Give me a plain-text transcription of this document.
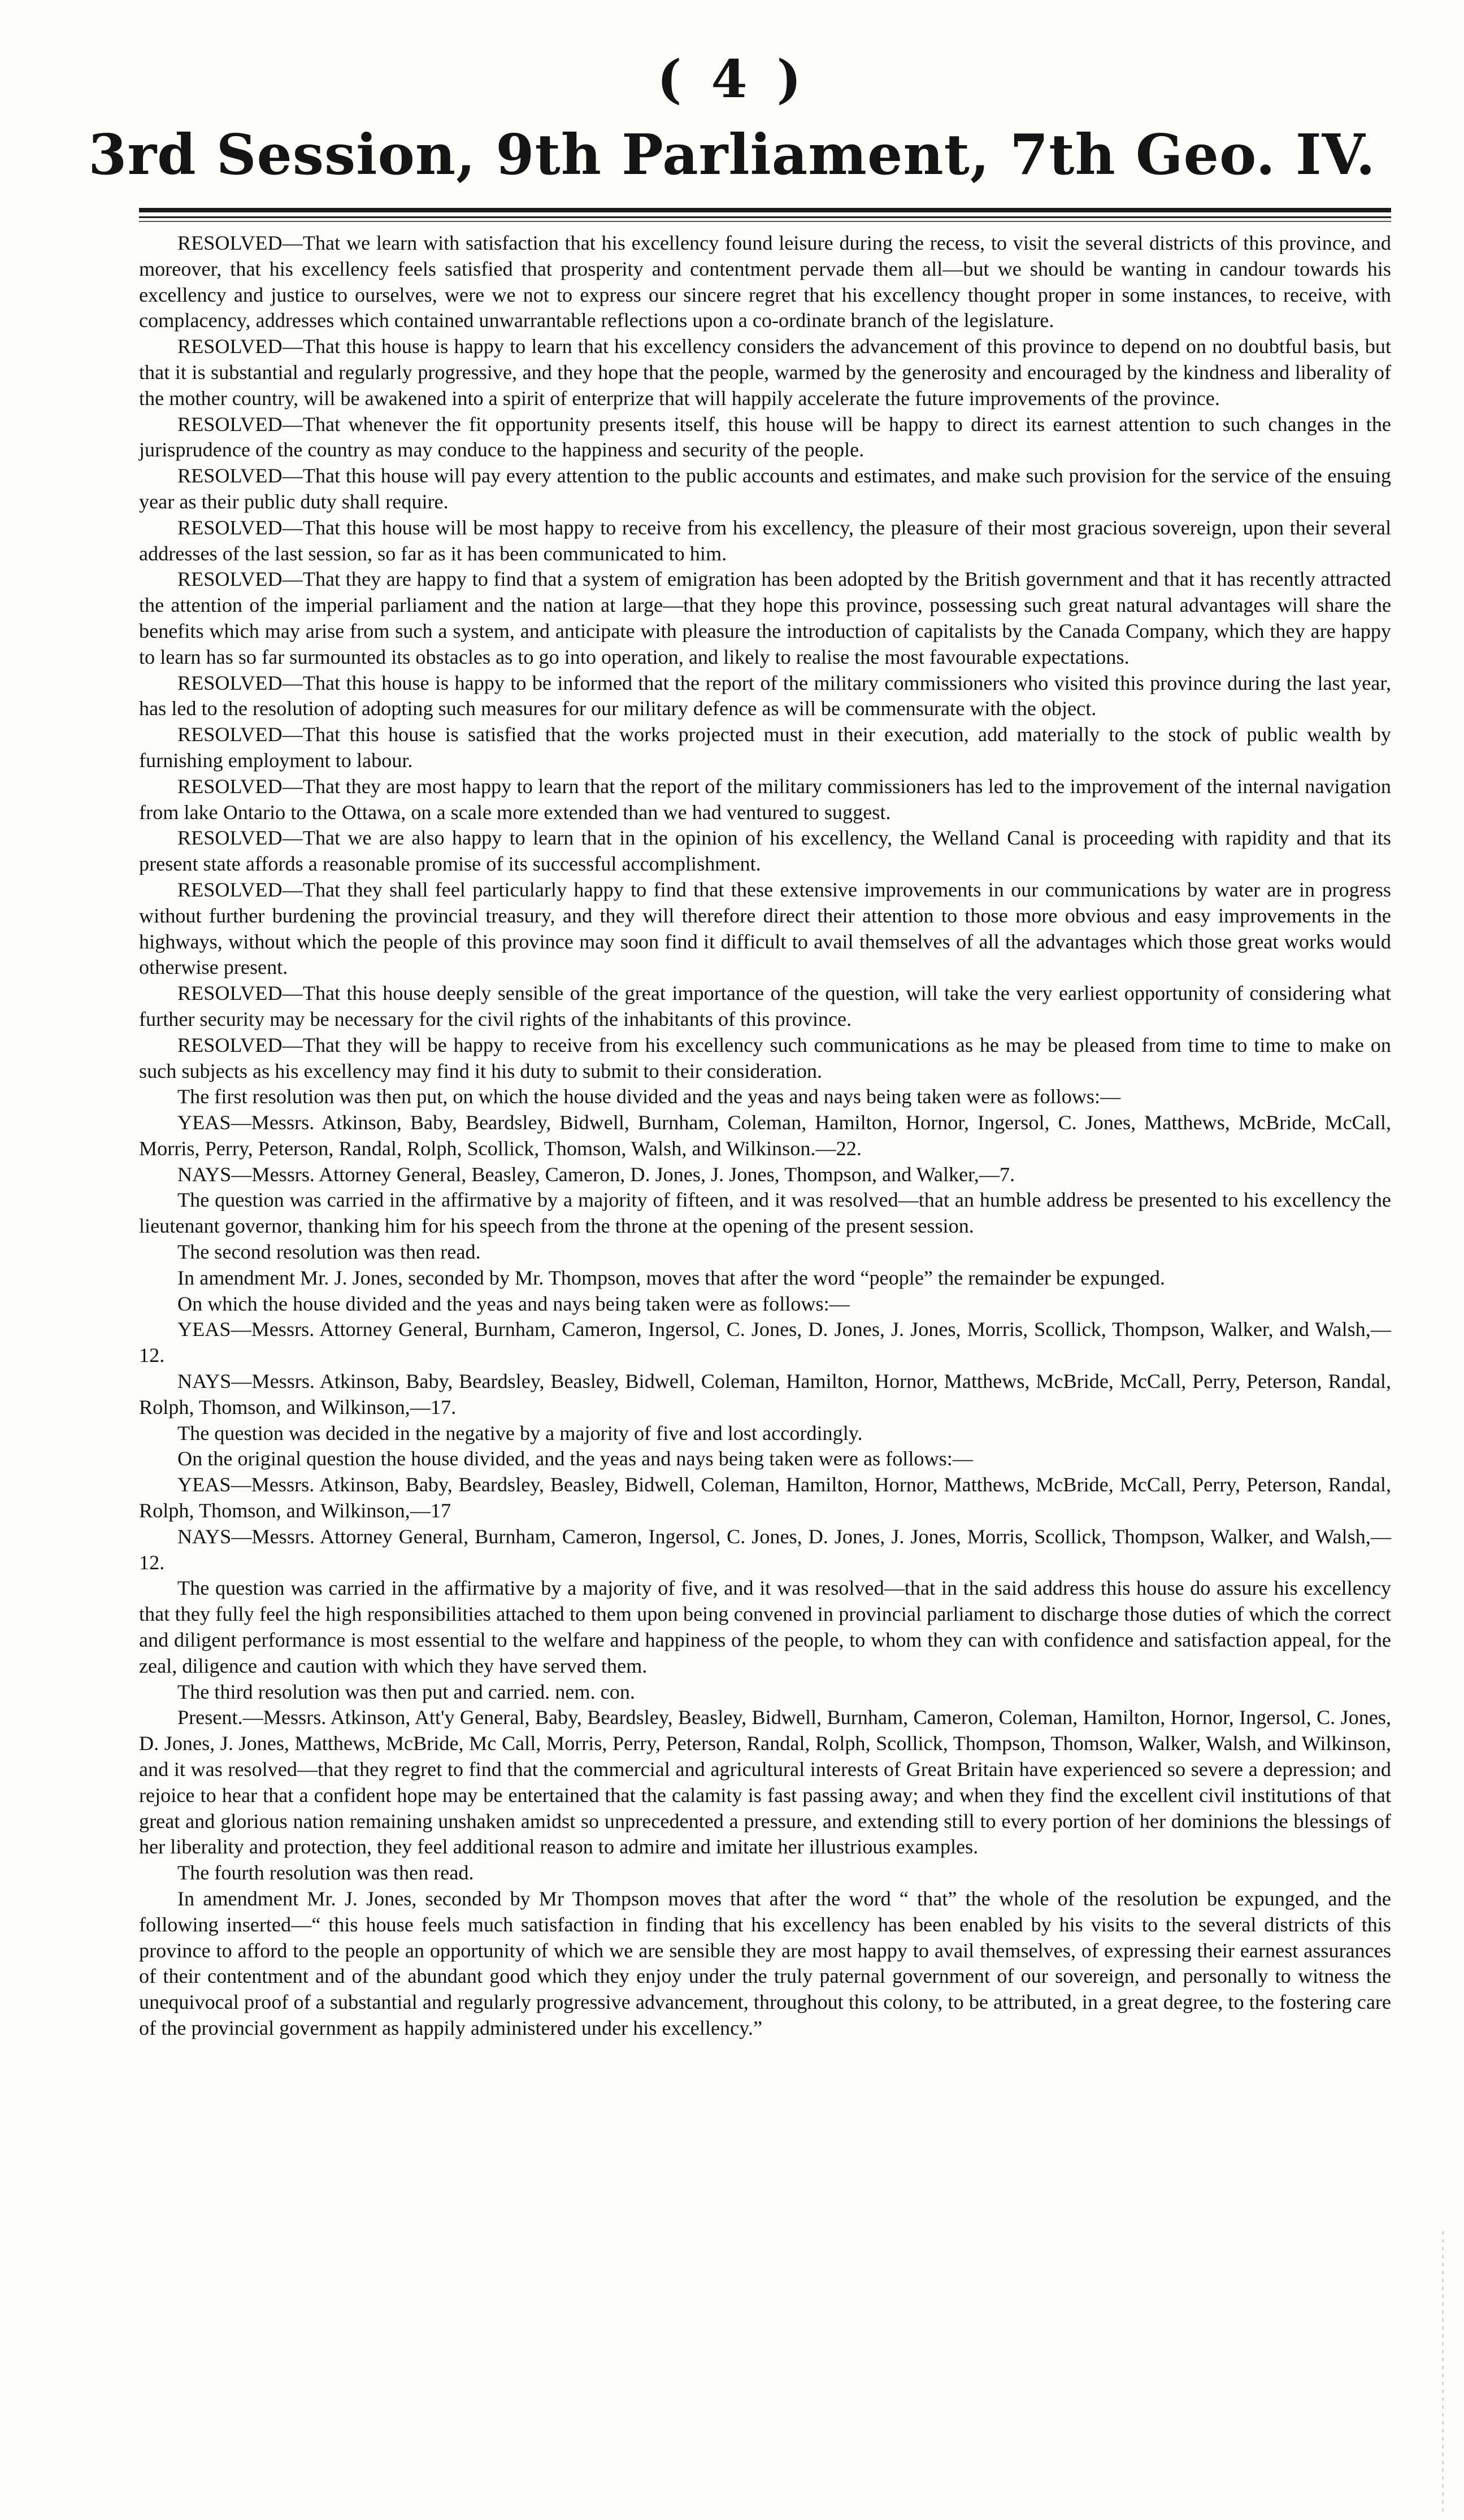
( 4 )
3rd Session, 9th Parliament, 7th Geo. IV.

RESOLVED—That we learn with satisfaction that his excellency found leisure during the recess, to visit the several districts of this province, and moreover, that his excellency feels satisfied that prosperity and contentment pervade them all—but we should be wanting in candour towards his excellency and justice to ourselves, were we not to express our sincere regret that his excellency thought proper in some instances, to receive, with complacency, addresses which contained unwarrantable reflections upon a co-ordinate branch of the legislature.

RESOLVED—That this house is happy to learn that his excellency considers the advancement of this province to depend on no doubtful basis, but that it is substantial and regularly progressive, and they hope that the people, warmed by the generosity and encouraged by the kindness and liberality of the mother country, will be awakened into a spirit of enterprize that will happily accelerate the future improvements of the province.

RESOLVED—That whenever the fit opportunity presents itself, this house will be happy to direct its earnest attention to such changes in the jurisprudence of the country as may conduce to the happiness and security of the people.

RESOLVED—That this house will pay every attention to the public accounts and estimates, and make such provision for the service of the ensuing year as their public duty shall require.

RESOLVED—That this house will be most happy to receive from his excellency, the pleasure of their most gracious sovereign, upon their several addresses of the last session, so far as it has been communicated to him.

RESOLVED—That they are happy to find that a system of emigration has been adopted by the British government and that it has recently attracted the attention of the imperial parliament and the nation at large—that they hope this province, possessing such great natural advantages will share the benefits which may arise from such a system, and anticipate with pleasure the introduction of capitalists by the Canada Company, which they are happy to learn has so far surmounted its obstacles as to go into operation, and likely to realise the most favourable expectations.

RESOLVED—That this house is happy to be informed that the report of the military commissioners who visited this province during the last year, has led to the resolution of adopting such measures for our military defence as will be commensurate with the object.

RESOLVED—That this house is satisfied that the works projected must in their execution, add materially to the stock of public wealth by furnishing employment to labour.

RESOLVED—That they are most happy to learn that the report of the military commissioners has led to the improvement of the internal navigation from lake Ontario to the Ottawa, on a scale more extended than we had ventured to suggest.

RESOLVED—That we are also happy to learn that in the opinion of his excellency, the Welland Canal is proceeding with rapidity and that its present state affords a reasonable promise of its successful accomplishment.

RESOLVED—That they shall feel particularly happy to find that these extensive improvements in our communications by water are in progress without further burdening the provincial treasury, and they will therefore direct their attention to those more obvious and easy improvements in the highways, without which the people of this province may soon find it difficult to avail themselves of all the advantages which those great works would otherwise present.

RESOLVED—That this house deeply sensible of the great importance of the question, will take the very earliest opportunity of considering what further security may be necessary for the civil rights of the inhabitants of this province.

RESOLVED—That they will be happy to receive from his excellency such communications as he may be pleased from time to time to make on such subjects as his excellency may find it his duty to submit to their consideration.

The first resolution was then put, on which the house divided and the yeas and nays being taken were as follows:—

YEAS—Messrs. Atkinson, Baby, Beardsley, Bidwell, Burnham, Coleman, Hamilton, Hornor, Ingersol, C. Jones, Matthews, McBride, McCall, Morris, Perry, Peterson, Randal, Rolph, Scollick, Thomson, Walsh, and Wilkinson.—22.

NAYS—Messrs. Attorney General, Beasley, Cameron, D. Jones, J. Jones, Thompson, and Walker,—7.

The question was carried in the affirmative by a majority of fifteen, and it was resolved—that an humble address be presented to his excellency the lieutenant governor, thanking him for his speech from the throne at the opening of the present session.

The second resolution was then read.

In amendment Mr. J. Jones, seconded by Mr. Thompson, moves that after the word “people” the remainder be expunged.

On which the house divided and the yeas and nays being taken were as follows:—

YEAS—Messrs. Attorney General, Burnham, Cameron, Ingersol, C. Jones, D. Jones, J. Jones, Morris, Scollick, Thompson, Walker, and Walsh,—12.

NAYS—Messrs. Atkinson, Baby, Beardsley, Beasley, Bidwell, Coleman, Hamilton, Hornor, Matthews, McBride, McCall, Perry, Peterson, Randal, Rolph, Thomson, and Wilkinson,—17.

The question was decided in the negative by a majority of five and lost accordingly.

On the original question the house divided, and the yeas and nays being taken were as follows:—

YEAS—Messrs. Atkinson, Baby, Beardsley, Beasley, Bidwell, Coleman, Hamilton, Hornor, Matthews, McBride, McCall, Perry, Peterson, Randal, Rolph, Thomson, and Wilkinson,—17

NAYS—Messrs. Attorney General, Burnham, Cameron, Ingersol, C. Jones, D. Jones, J. Jones, Morris, Scollick, Thompson, Walker, and Walsh,—12.

The question was carried in the affirmative by a majority of five, and it was resolved—that in the said address this house do assure his excellency that they fully feel the high responsibilities attached to them upon being convened in provincial parliament to discharge those duties of which the correct and diligent performance is most essential to the welfare and happiness of the people, to whom they can with confidence and satisfaction appeal, for the zeal, diligence and caution with which they have served them.

The third resolution was then put and carried. nem. con.

Present.—Messrs. Atkinson, Att'y General, Baby, Beardsley, Beasley, Bidwell, Burnham, Cameron, Coleman, Hamilton, Hornor, Ingersol, C. Jones, D. Jones, J. Jones, Matthews, McBride, Mc Call, Morris, Perry, Peterson, Randal, Rolph, Scollick, Thompson, Thomson, Walker, Walsh, and Wilkinson, and it was resolved—that they regret to find that the commercial and agricultural interests of Great Britain have experienced so severe a depression; and rejoice to hear that a confident hope may be entertained that the calamity is fast passing away; and when they find the excellent civil institutions of that great and glorious nation remaining unshaken amidst so unprecedented a pressure, and extending still to every portion of her dominions the blessings of her liberality and protection, they feel additional reason to admire and imitate her illustrious examples.

The fourth resolution was then read.

In amendment Mr. J. Jones, seconded by Mr Thompson moves that after the word “ that” the whole of the resolution be expunged, and the following inserted—“ this house feels much satisfaction in finding that his excellency has been enabled by his visits to the several districts of this province to afford to the people an opportunity of which we are sensible they are most happy to avail themselves, of expressing their earnest assurances of their contentment and of the abundant good which they enjoy under the truly paternal government of our sovereign, and personally to witness the unequivocal proof of a substantial and regularly progressive advancement, throughout this colony, to be attributed, in a great degree, to the fostering care of the provincial government as happily administered under his excellency.”
